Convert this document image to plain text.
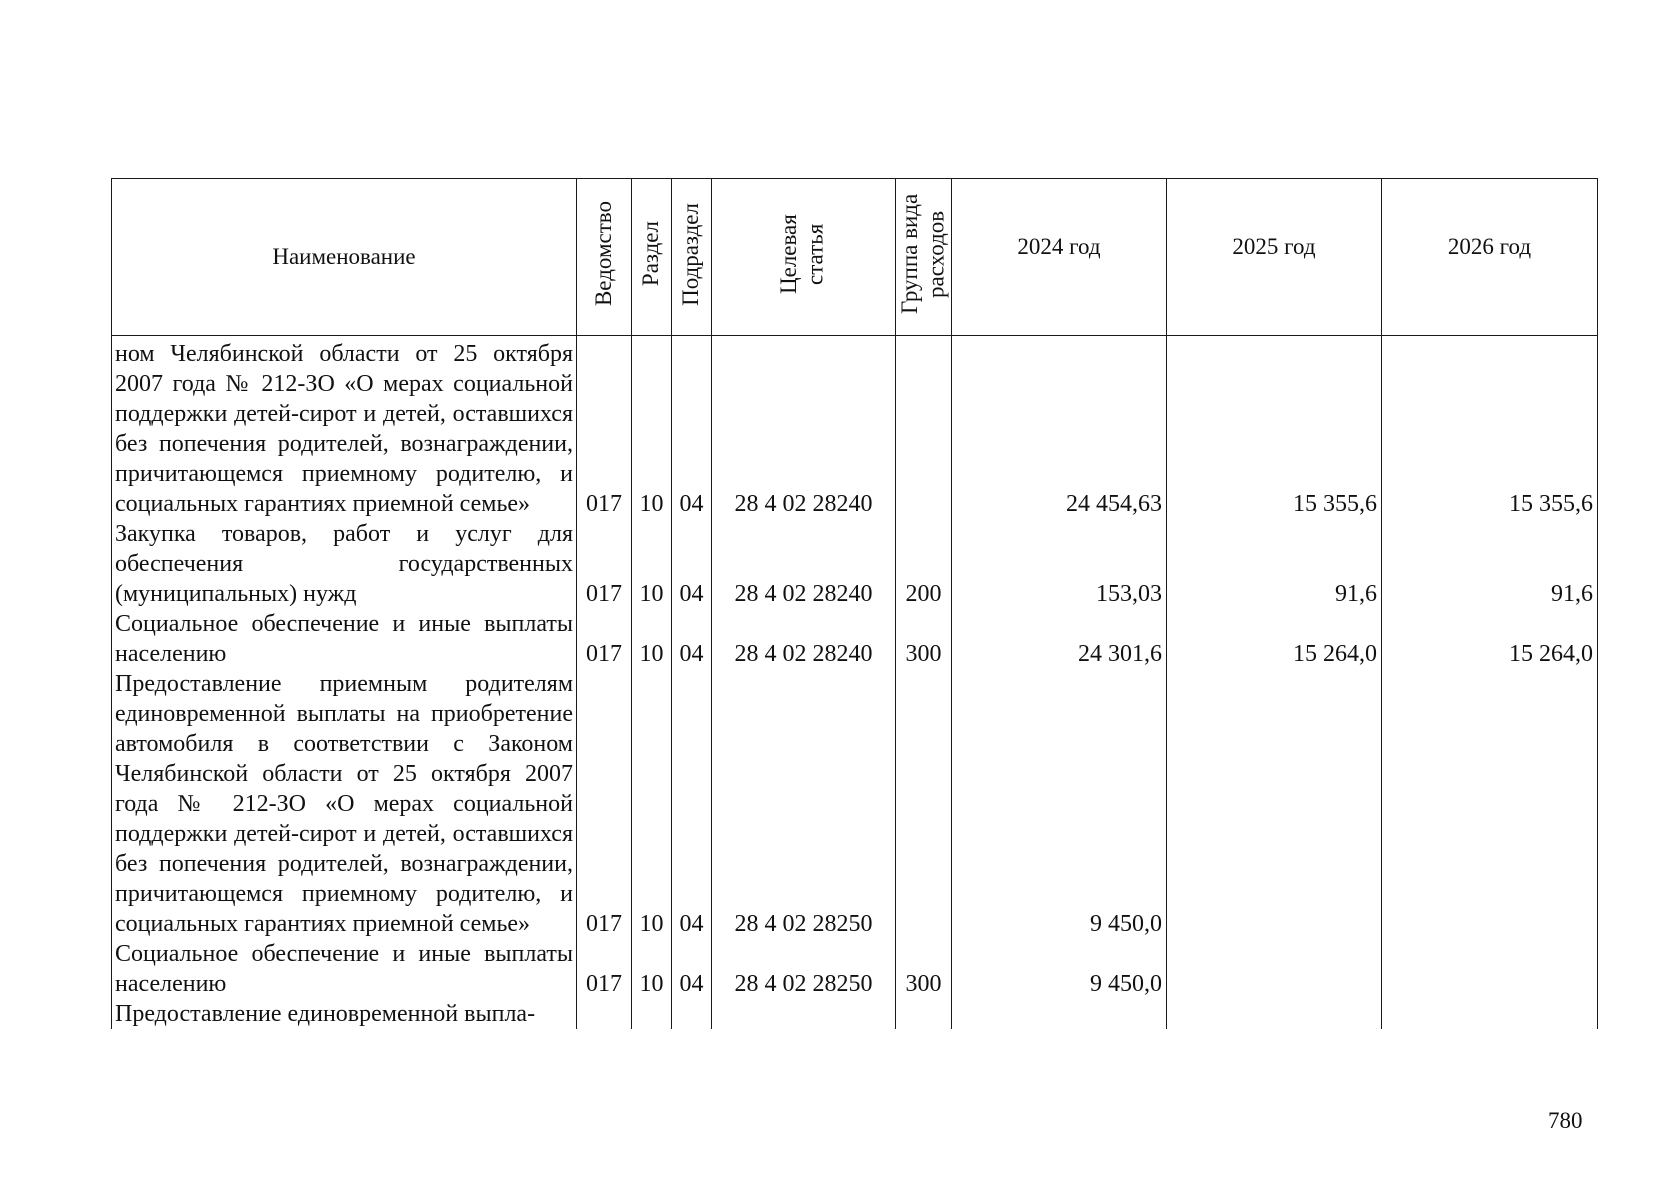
Наименование	Ведомство	Раздел	Подраздел	Целевая статья	Группа вида расходов	2024 год	2025 год	2026 год

ном Челябинской области от 25 октября 2007 года № 212-ЗО «О мерах социальной поддержки детей-сирот и детей, оставшихся без попечения родителей, вознаграждении, причитающемся приемному родителю, и социальных гарантиях приемной семье»	017	10	04	28 4 02 28240		24 454,63	15 355,6	15 355,6
Закупка товаров, работ и услуг для обеспечения государственных (муниципальных) нужд	017	10	04	28 4 02 28240	200	153,03	91,6	91,6
Социальное обеспечение и иные выплаты населению	017	10	04	28 4 02 28240	300	24 301,6	15 264,0	15 264,0
Предоставление приемным родителям единовременной выплаты на приобретение автомобиля в соответствии с Законом Челябинской области от 25 октября 2007 года № 212-ЗО «О мерах социальной поддержки детей-сирот и детей, оставшихся без попечения родителей, вознаграждении, причитающемся приемному родителю, и социальных гарантиях приемной семье»	017	10	04	28 4 02 28250		9 450,0		
Социальное обеспечение и иные выплаты населению	017	10	04	28 4 02 28250	300	9 450,0		
Предоставление единовременной выпла-								
780
